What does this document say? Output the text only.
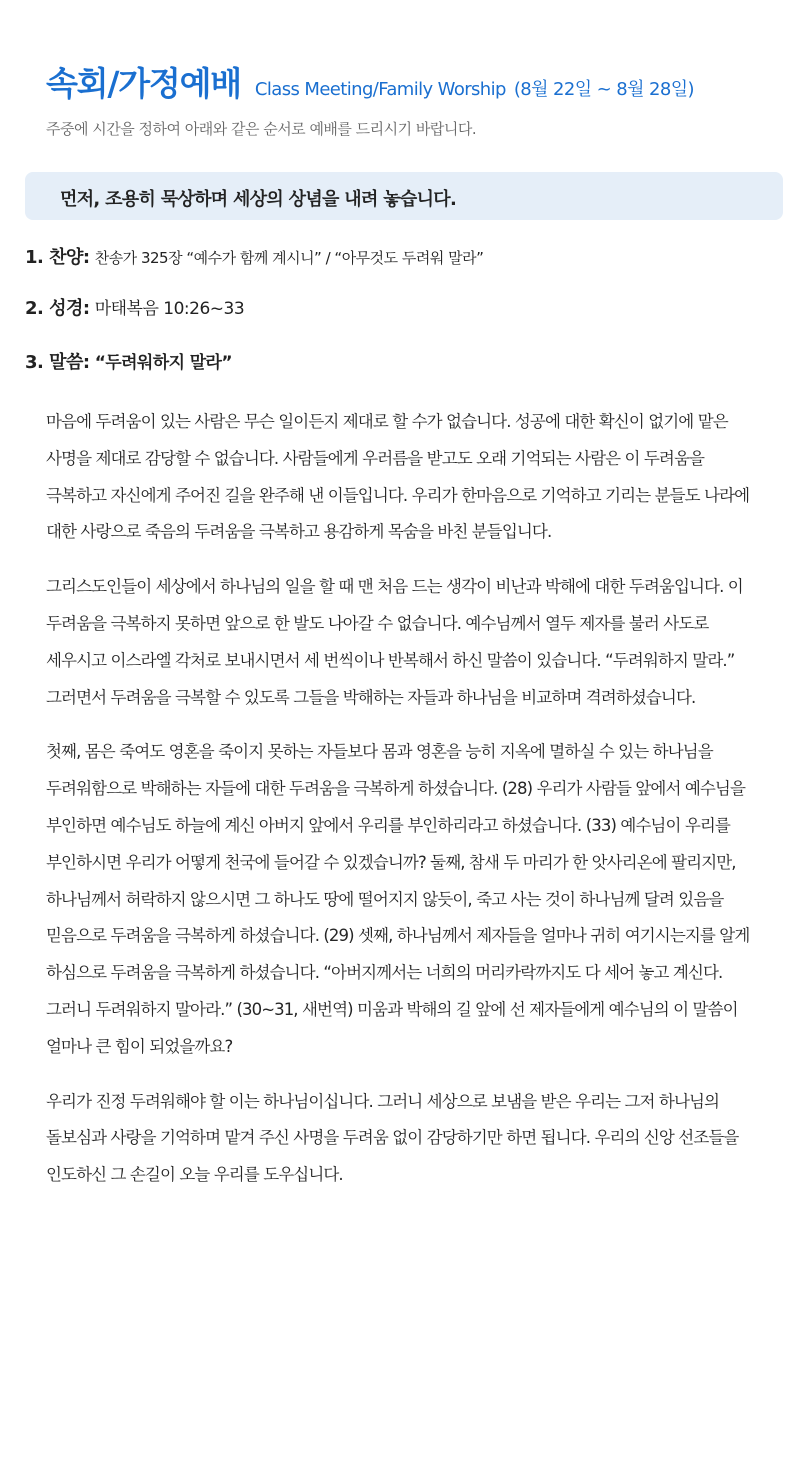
속회/가정예배 Class Meeting/Family Worship (8월 22일 ~ 8월 28일)
주중에 시간을 정하여 아래와 같은 순서로 예배를 드리시기 바랍니다.
먼저, 조용히 묵상하며 세상의 상념을 내려 놓습니다.
1. 찬양: 찬송가 325장 “예수가 함께 계시니” / “아무것도 두려워 말라”
2. 성경: 마태복음 10:26~33
3. 말씀: “두려워하지 말라”

마음에 두려움이 있는 사람은 무슨 일이든지 제대로 할 수가 없습니다. 성공에 대한 확신이 없기에 맡은 사명을 제대로 감당할 수 없습니다. 사람들에게 우러름을 받고도 오래 기억되는 사람은 이 두려움을 극복하고 자신에게 주어진 길을 완주해 낸 이들입니다. 우리가 한마음으로 기억하고 기리는 분들도 나라에 대한 사랑으로 죽음의 두려움을 극복하고 용감하게 목숨을 바친 분들입니다.

그리스도인들이 세상에서 하나님의 일을 할 때 맨 처음 드는 생각이 비난과 박해에 대한 두려움입니다. 이 두려움을 극복하지 못하면 앞으로 한 발도 나아갈 수 없습니다. 예수님께서 열두 제자를 불러 사도로 세우시고 이스라엘 각처로 보내시면서 세 번씩이나 반복해서 하신 말씀이 있습니다. “두려워하지 말라.” 그러면서 두려움을 극복할 수 있도록 그들을 박해하는 자들과 하나님을 비교하며 격려하셨습니다.

첫째, 몸은 죽여도 영혼을 죽이지 못하는 자들보다 몸과 영혼을 능히 지옥에 멸하실 수 있는 하나님을 두려워함으로 박해하는 자들에 대한 두려움을 극복하게 하셨습니다. (28) 우리가 사람들 앞에서 예수님을 부인하면 예수님도 하늘에 계신 아버지 앞에서 우리를 부인하리라고 하셨습니다. (33) 예수님이 우리를 부인하시면 우리가 어떻게 천국에 들어갈 수 있겠습니까? 둘째, 참새 두 마리가 한 앗사리온에 팔리지만, 하나님께서 허락하지 않으시면 그 하나도 땅에 떨어지지 않듯이, 죽고 사는 것이 하나님께 달려 있음을 믿음으로 두려움을 극복하게 하셨습니다. (29) 셋째, 하나님께서 제자들을 얼마나 귀히 여기시는지를 알게 하심으로 두려움을 극복하게 하셨습니다. “아버지께서는 너희의 머리카락까지도 다 세어 놓고 계신다. 그러니 두려워하지 말아라.” (30~31, 새번역) 미움과 박해의 길 앞에 선 제자들에게 예수님의 이 말씀이 얼마나 큰 힘이 되었을까요?

우리가 진정 두려워해야 할 이는 하나님이십니다. 그러니 세상으로 보냄을 받은 우리는 그저 하나님의 돌보심과 사랑을 기억하며 맡겨 주신 사명을 두려움 없이 감당하기만 하면 됩니다. 우리의 신앙 선조들을 인도하신 그 손길이 오늘 우리를 도우십니다.
